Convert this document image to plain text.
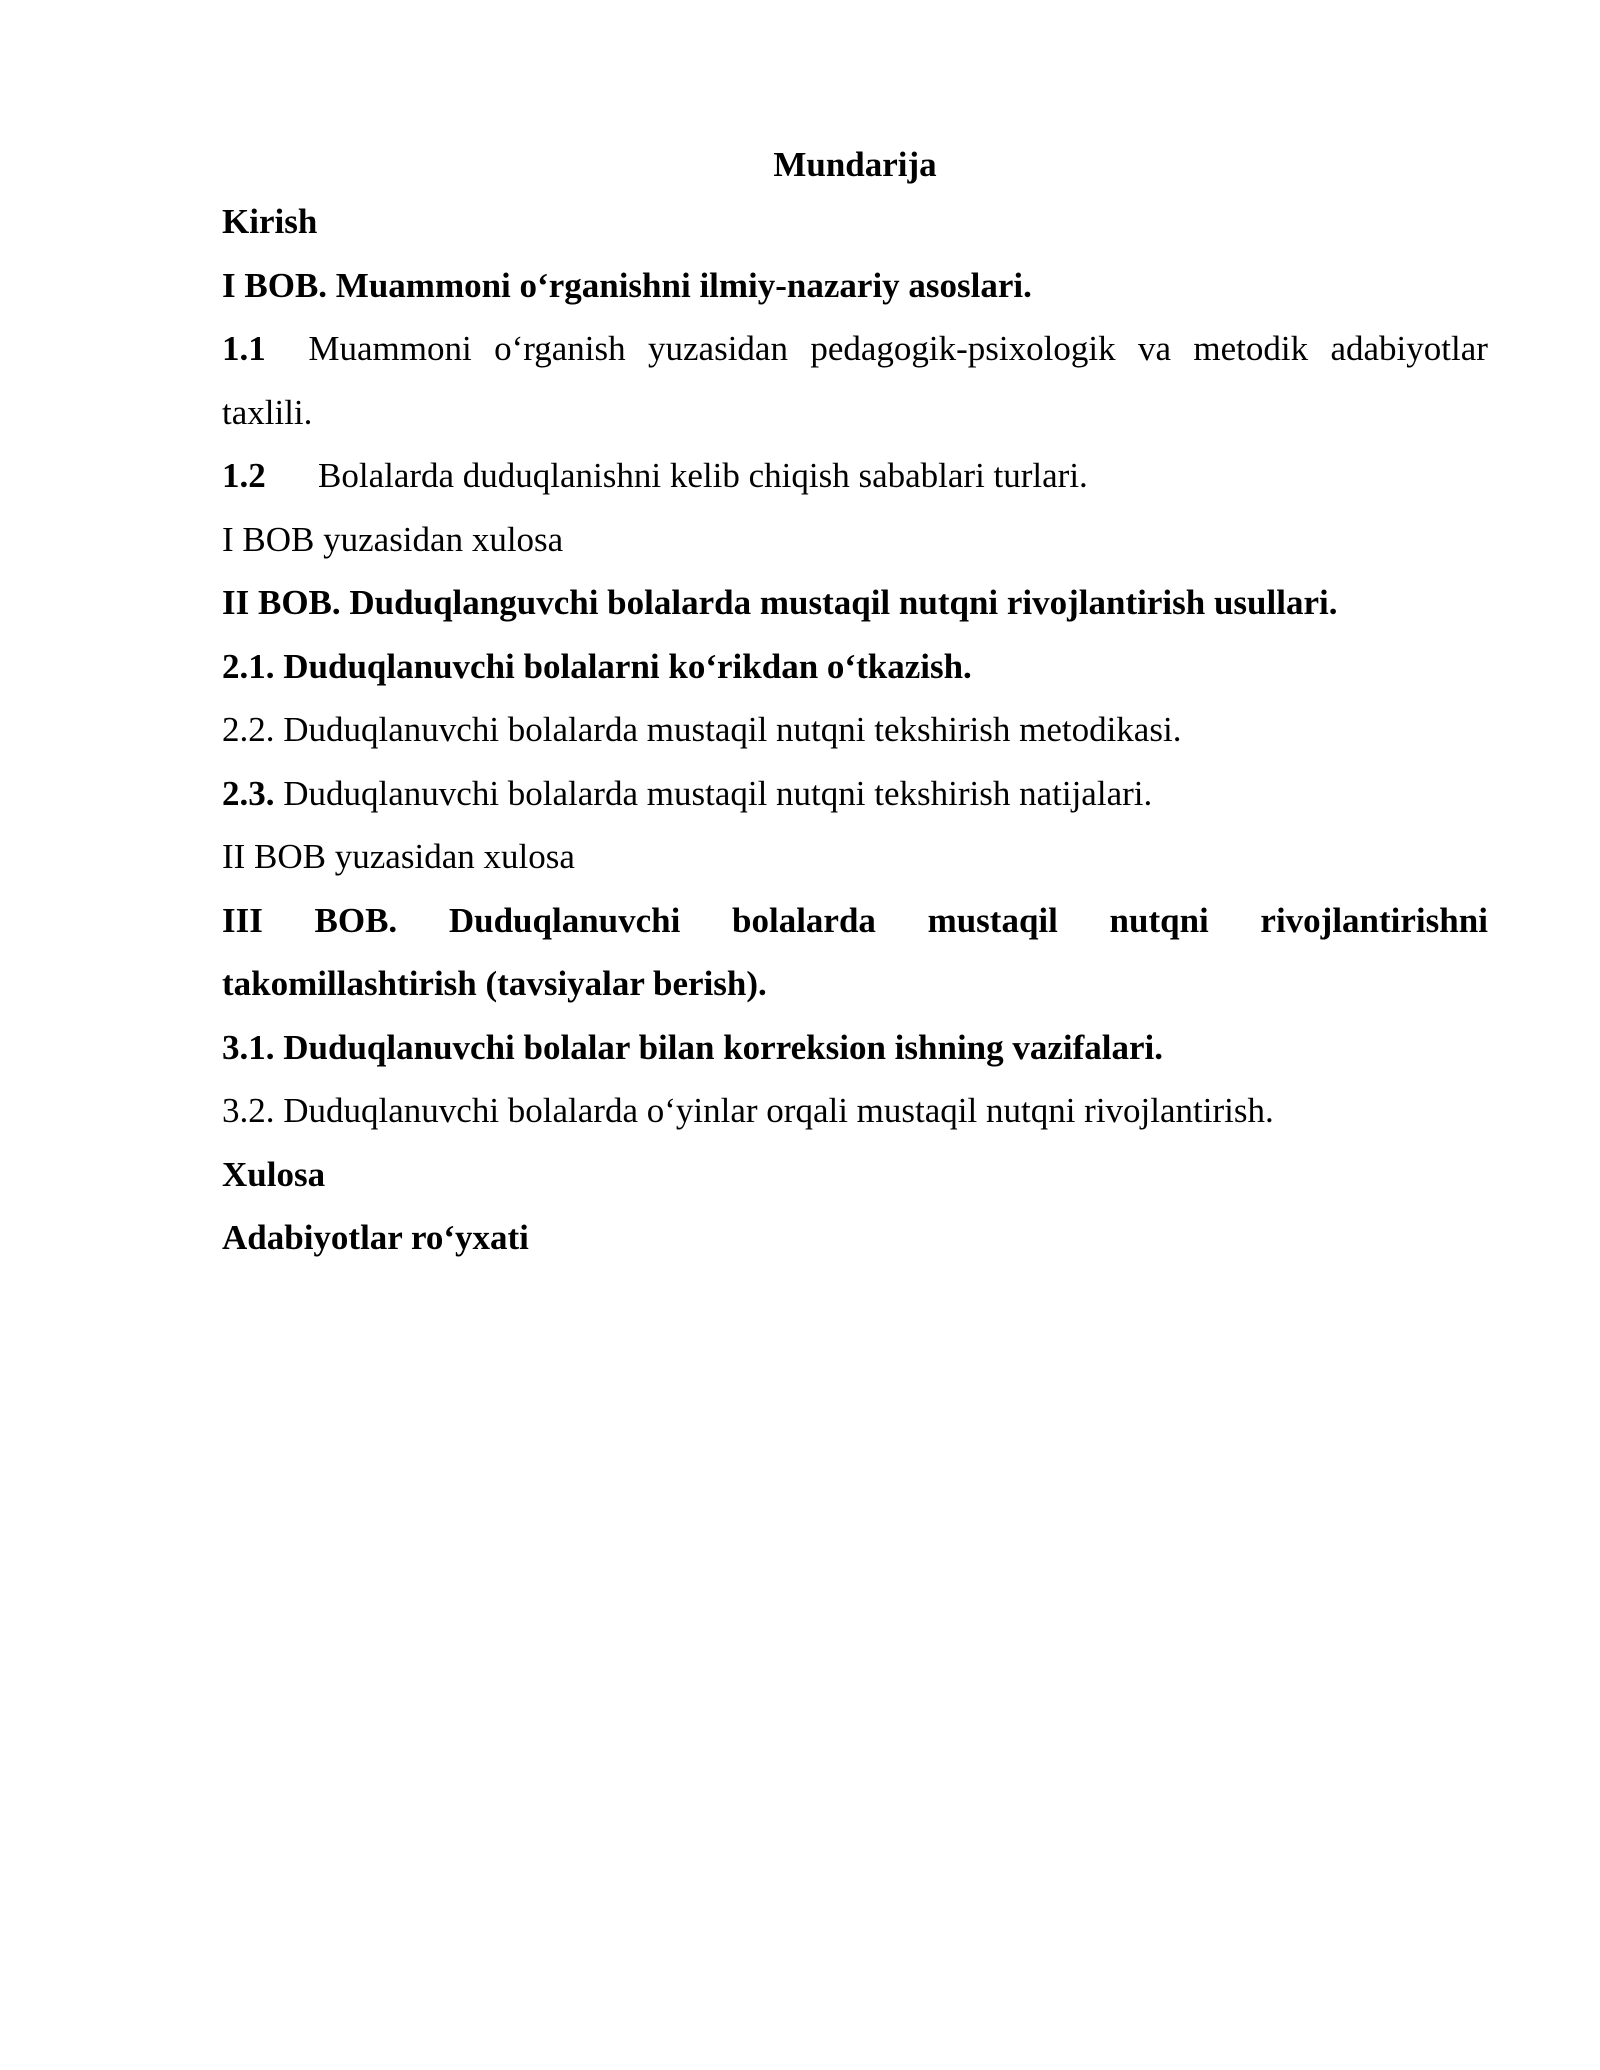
Mundarija
Kirish
I BOB. Muammoni o‘rganishni ilmiy-nazariy asoslari.
1.1	Muammoni o‘rganish yuzasidan pedagogik-psixologik va metodik adabiyotlar
taxlili.
1.2 Bolalarda duduqlanishni kelib chiqish sabablari turlari.
I BOB yuzasidan xulosa
II BOB. Duduqlanguvchi bolalarda mustaqil nutqni rivojlantirish usullari.
2.1. Duduqlanuvchi bolalarni ko‘rikdan o‘tkazish.
2.2. Duduqlanuvchi bolalarda mustaqil nutqni tekshirish metodikasi.
2.3. Duduqlanuvchi bolalarda mustaqil nutqni tekshirish natijalari.
II BOB yuzasidan xulosa
III BOB. Duduqlanuvchi bolalarda mustaqil nutqni rivojlantirishni
takomillashtirish (tavsiyalar berish).
3.1. Duduqlanuvchi bolalar bilan korreksion ishning vazifalari.
3.2. Duduqlanuvchi bolalarda o‘yinlar orqali mustaqil nutqni rivojlantirish.
Xulosa
Adabiyotlar ro‘yxati
